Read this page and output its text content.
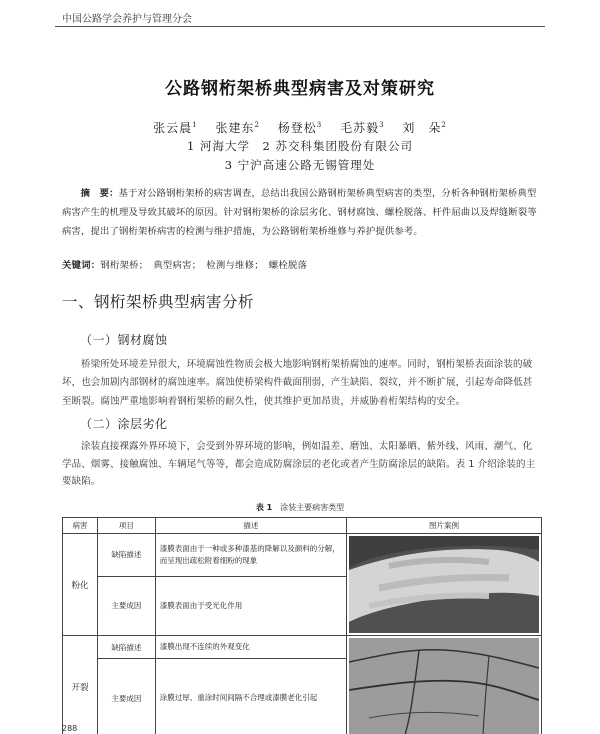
中国公路学会养护与管理分会
公路钢桁架桥典型病害及对策研究
张云晨$^1$　 张建东$^2$　 杨登松$^3$　 毛苏毅$^3$　 刘　朵$^2$
1 河海大学　2 苏交科集团股份有限公司
3 宁沪高速公路无锡管理处
摘　要：基于对公路钢桁架桥的病害调查，总结出我国公路钢桁架桥典型病害的类型，分析各种钢桁架桥典型病害产生的机理及导致其破坏的原因。针对钢桁架桥的涂层劣化、钢材腐蚀、螺栓脱落、杆件屈曲以及焊缝断裂等病害，提出了钢桁架桥病害的检测与维护措施，为公路钢桁架桥维修与养护提供参考。
关键词：钢桁架桥；　典型病害；　检测与维修；　螺栓脱落
一、钢桁架桥典型病害分析
（一）钢材腐蚀
桥梁所处环境差异很大，环境腐蚀性物质会极大地影响钢桁架桥腐蚀的速率。同时，钢桁架桥表面涂装的破坏，也会加剧内部钢材的腐蚀速率。腐蚀使桥梁构件截面削弱，产生缺陷、裂纹，并不断扩展，引起寿命降低甚至断裂。腐蚀严重地影响着钢桁架桥的耐久性，使其维护更加昂贵，并威胁着桁架结构的安全。
（二）涂层劣化
涂装直接裸露外界环境下，会受到外界环境的影响，例如温差、磨蚀、太阳暴晒、紫外线、风雨、潮气、化学品、烟雾、接触腐蚀、车辆尾气等等，都会造成防腐涂层的老化或者产生防腐涂层的缺陷。表 1 介绍涂装的主要缺陷。
表 1 涂装主要病害类型
病害	项目	描述	图片案例
粉化	缺陷描述	漆膜表面由于一种或多种漆基的降解以及颜料的分解，而呈现出疏松附着细粉的现象	

	主要成因	漆膜表面由于受光化作用	
开裂	缺陷描述	漆膜出现不连续的外观变化	

	主要成因	涂膜过厚、重涂时间间隔不合理或漆膜老化引起	
288
